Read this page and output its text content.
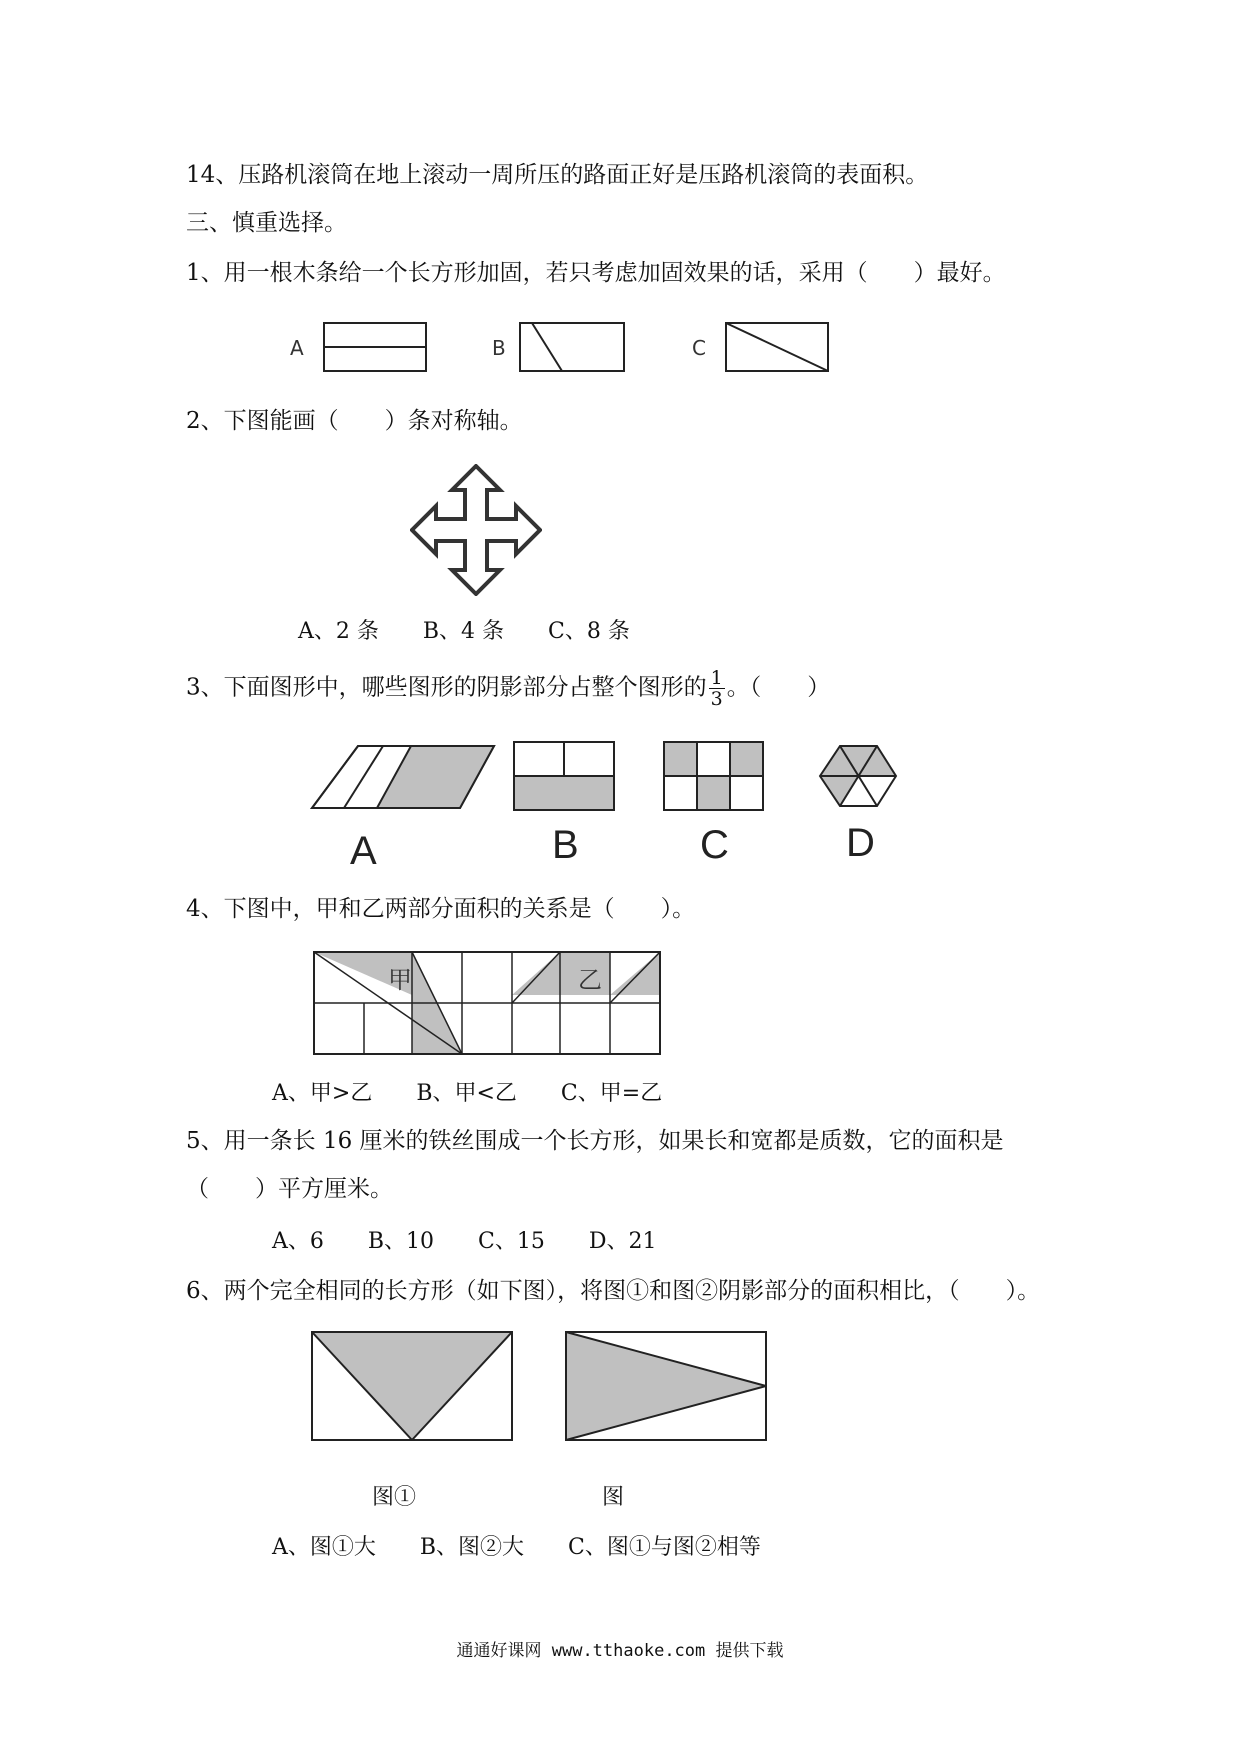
14、压路机滚筒在地上滚动一周所压的路面正好是压路机滚筒的表面积。
三、慎重选择。
1、用一根木条给一个长方形加固，若只考虑加固效果的话，采用（　　）最好。
A	B	C
2、下图能画（　　）条对称轴。
A、2 条　　B、4 条　　C、8 条
3、下面图形中，哪些图形的阴影部分占整个图形的 $\frac{1}{3}$ 。（　　）
A	B	C	D
4、下图中，甲和乙两部分面积的关系是（　　）。
甲	乙
A、甲>乙　　B、甲<乙　　C、甲=乙
5、用一条长 16 厘米的铁丝围成一个长方形，如果长和宽都是质数，它的面积是
（　　）平方厘米。
A、6　　B、10　　C、15　　D、21
6、两个完全相同的长方形（如下图），将图①和图②阴影部分的面积相比，（　　）。
图①	图
A、图①大　　B、图②大　　C、图①与图②相等
通通好课网 www.tthaoke.com 提供下载
